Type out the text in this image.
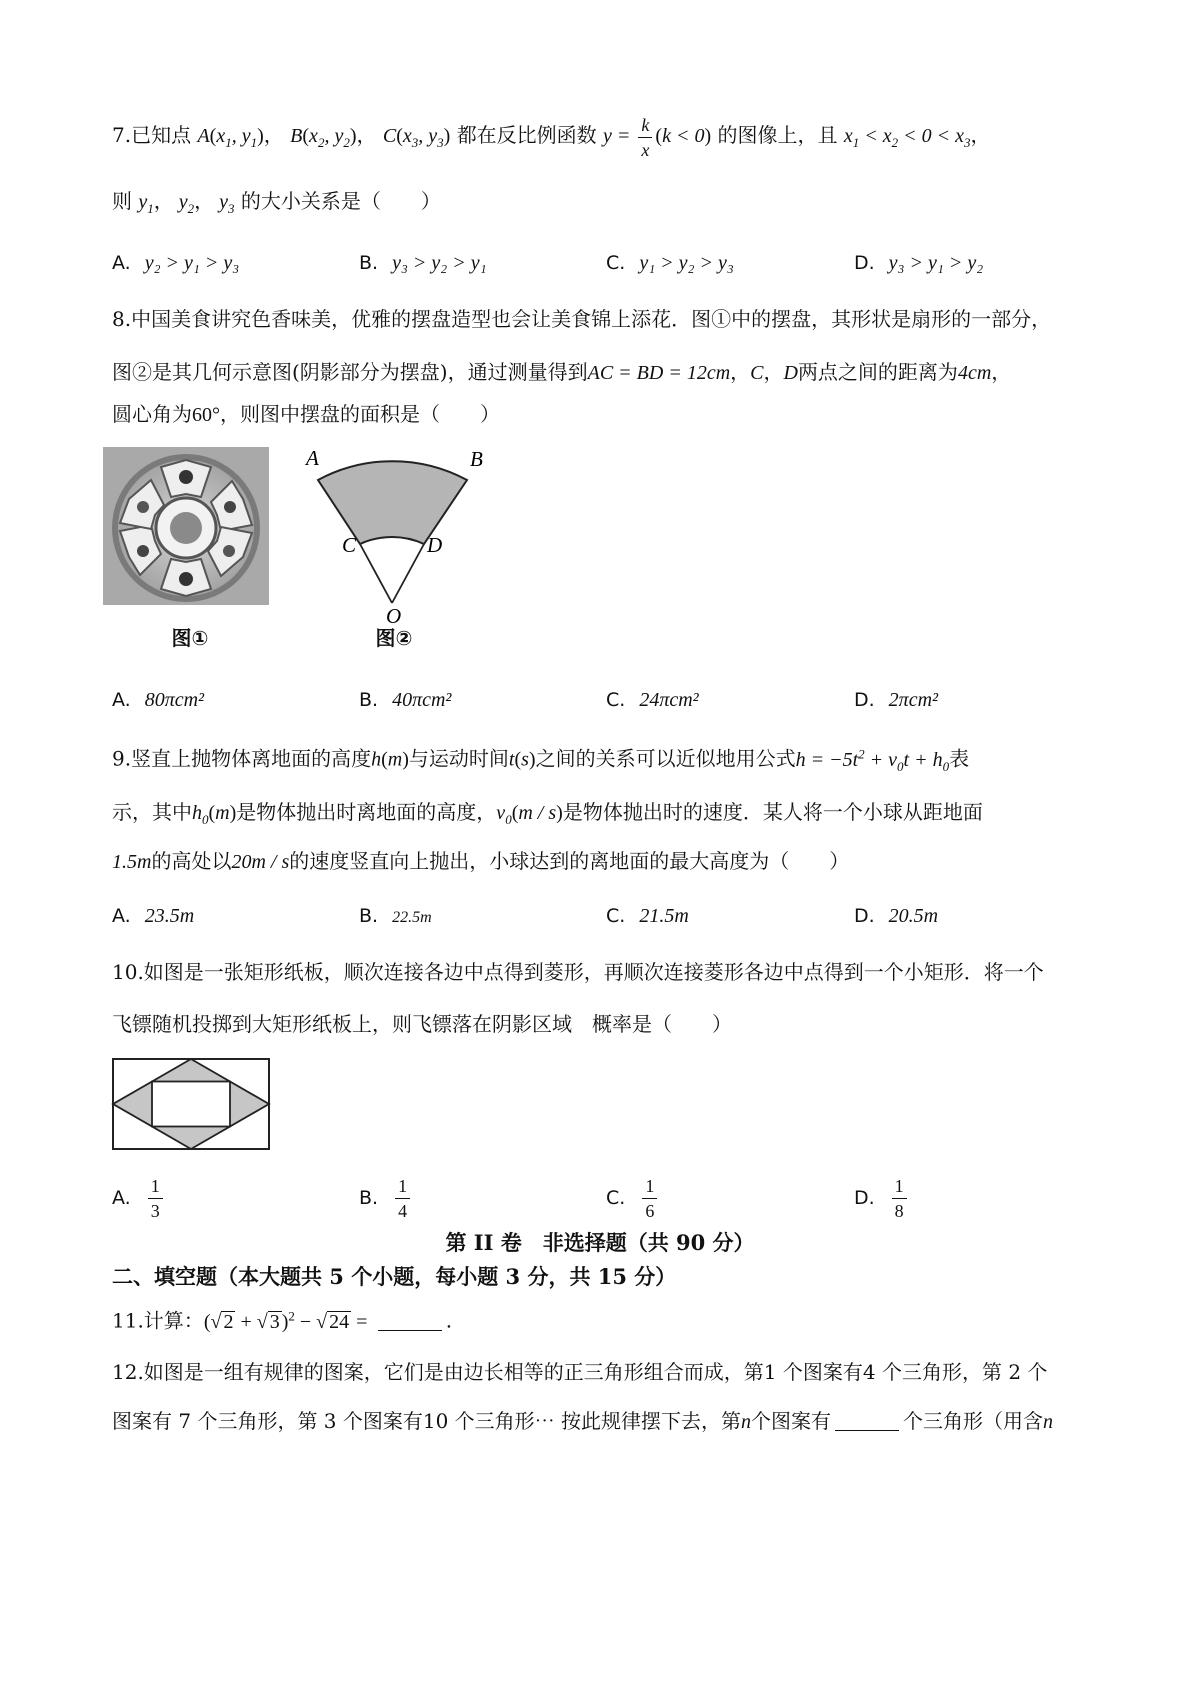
7.已知点 $A(x_1$, $y_1$)， $B(x_2$, $y_2$)， $C(x_3$, $y_3$) 都在反比例函数 $y = \frac{k}{x} (k < 0)$ 的图像上，且 $x_1 < x_2 < 0 < x_3$，
则 $y_1$， $y_2$， $y_3$ 的大小关系是（　　）
A. y₂ > y₁ > y₃	B. y₃ > y₂ > y₁	C. y₁ > y₂ > y₃	D. y₃ > y₁ > y₂
8.中国美食讲究色香味美，优雅的摆盘造型也会让美食锦上添花．图①中的摆盘，其形状是扇形的一部分，
图②是其几何示意图(阴影部分为摆盘)，通过测量得到AC = BD = 12cm，C，D两点之间的距离为4cm，
圆心角为60°，则图中摆盘的面积是（　　）
图①
A	B
C	D
O
图②
A. 80πcm²	B. 40πcm²	C. 24πcm²	D. 2πcm²
9.竖直上抛物体离地面的高度h(m)与运动时间t(s)之间的关系可以近似地用公式$h = -5t^2 + v_0t + h_0$表
示，其中$h_0(m)$是物体抛出时离地面的高度，$v_0(m / s)$是物体抛出时的速度．某人将一个小球从距地面
1.5m的高处以20m / s的速度竖直向上抛出，小球达到的离地面的最大高度为（　　）
A. 23.5m	B. 22.5m	C. 21.5m	D. 20.5m
10.如图是一张矩形纸板，顺次连接各边中点得到菱形，再顺次连接菱形各边中点得到一个小矩形．将一个
飞镖随机投掷到大矩形纸板上，则飞镖落在阴影区域　概率是（　　）
A. $\frac{1}{3}$	B. $\frac{1}{4}$	C. $\frac{1}{6}$	D. $\frac{1}{8}$
第 II 卷　非选择题（共 90 分）
二、填空题（本大题共 5 个小题，每小题 3 分，共 15 分）
11.计算：(√ 2 + √ 3 )$^2$ − √ 24 =	.
12.如图是一组有规律的图案，它们是由边长相等的正三角形组合而成，第1 个图案有4 个三角形，第 2 个
图案有 7 个三角形，第 3 个图案有10 个三角形⋯ 按此规律摆下去，第n个图案有	个三角形（用含n
